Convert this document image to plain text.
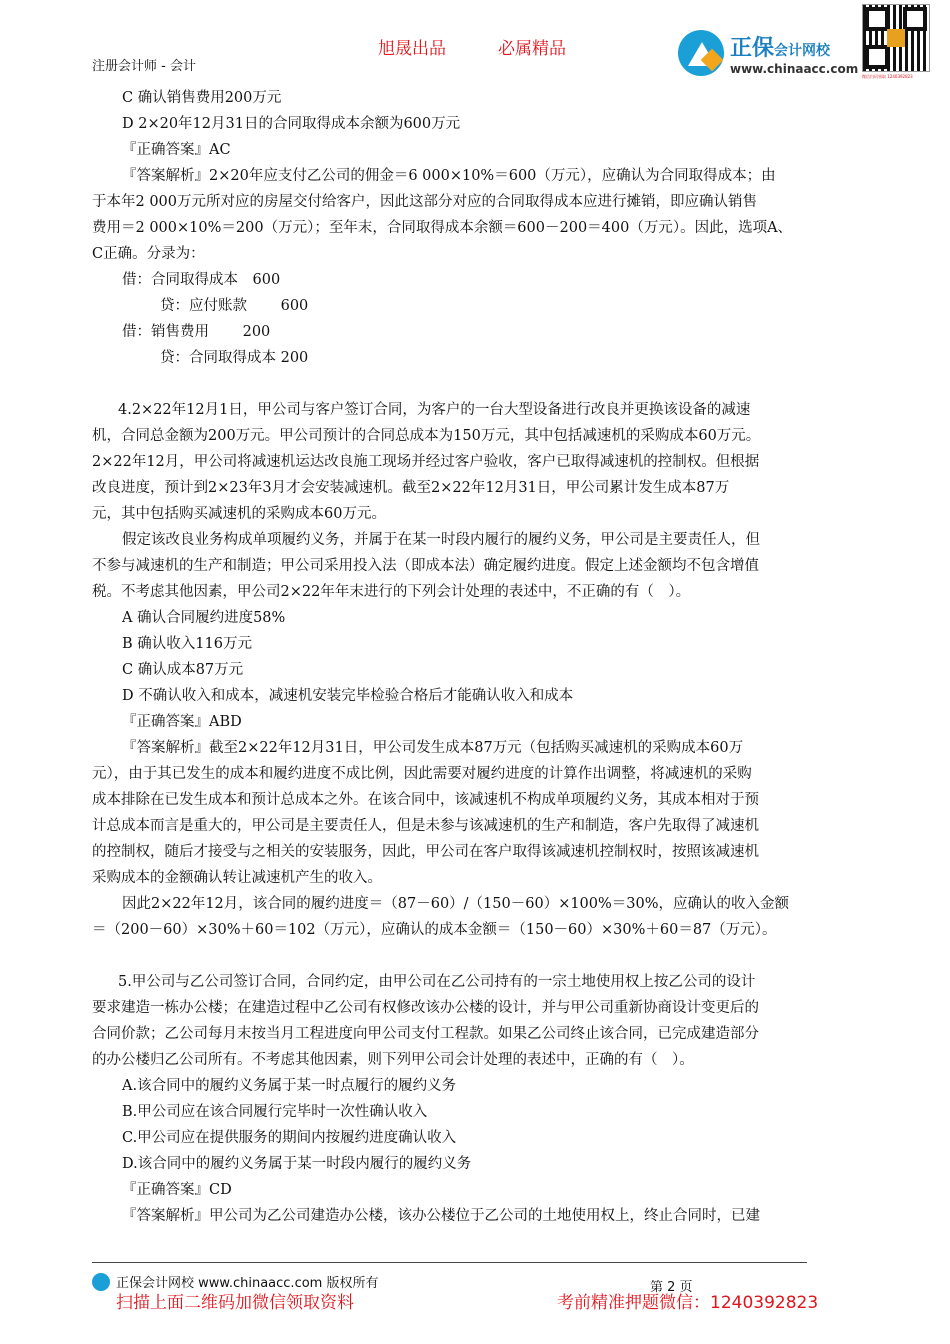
旭晟出品	必属精品	正保会计网校
www.chinaacc.com
微信扫码领取 1240392823
注册会计师 - 会计
C 确认销售费用200万元
D 2×20年12月31日的合同取得成本余额为600万元
『正确答案』AC
『答案解析』2×20年应支付乙公司的佣金＝6 000×10%＝600（万元），应确认为合同取得成本；由
于本年2 000万元所对应的房屋交付给客户，因此这部分对应的合同取得成本应进行摊销，即应确认销售
费用＝2 000×10%＝200（万元）；至年末，合同取得成本余额＝600－200＝400（万元）。因此，选项A、
C正确。分录为：
借：合同取得成本　600
贷：应付账款　　 600
借：销售费用　　 200
贷：合同取得成本 200
4.2×22年12月1日，甲公司与客户签订合同，为客户的一台大型设备进行改良并更换该设备的减速
机，合同总金额为200万元。甲公司预计的合同总成本为150万元，其中包括减速机的采购成本60万元。
2×22年12月，甲公司将减速机运达改良施工现场并经过客户验收，客户已取得减速机的控制权。但根据
改良进度，预计到2×23年3月才会安装减速机。截至2×22年12月31日，甲公司累计发生成本87万
元，其中包括购买减速机的采购成本60万元。
假定该改良业务构成单项履约义务，并属于在某一时段内履行的履约义务，甲公司是主要责任人，但
不参与减速机的生产和制造；甲公司采用投入法（即成本法）确定履约进度。假定上述金额均不包含增值
税。不考虑其他因素，甲公司2×22年年末进行的下列会计处理的表述中，不正确的有（　）。
A 确认合同履约进度58%
B 确认收入116万元
C 确认成本87万元
D 不确认收入和成本，减速机安装完毕检验合格后才能确认收入和成本
『正确答案』ABD
『答案解析』截至2×22年12月31日，甲公司发生成本87万元（包括购买减速机的采购成本60万
元），由于其已发生的成本和履约进度不成比例，因此需要对履约进度的计算作出调整，将减速机的采购
成本排除在已发生成本和预计总成本之外。在该合同中，该减速机不构成单项履约义务，其成本相对于预
计总成本而言是重大的，甲公司是主要责任人，但是未参与该减速机的生产和制造，客户先取得了减速机
的控制权，随后才接受与之相关的安装服务，因此，甲公司在客户取得该减速机控制权时，按照该减速机
采购成本的金额确认转让减速机产生的收入。
因此2×22年12月，该合同的履约进度＝（87－60）/（150－60）×100%＝30%，应确认的收入金额
＝（200－60）×30%＋60＝102（万元），应确认的成本金额＝（150－60）×30%＋60＝87（万元）。
5.甲公司与乙公司签订合同，合同约定，由甲公司在乙公司持有的一宗土地使用权上按乙公司的设计
要求建造一栋办公楼；在建造过程中乙公司有权修改该办公楼的设计，并与甲公司重新协商设计变更后的
合同价款；乙公司每月末按当月工程进度向甲公司支付工程款。如果乙公司终止该合同，已完成建造部分
的办公楼归乙公司所有。不考虑其他因素，则下列甲公司会计处理的表述中，正确的有（　）。
A.该合同中的履约义务属于某一时点履行的履约义务
B.甲公司应在该合同履行完毕时一次性确认收入
C.甲公司应在提供服务的期间内按履约进度确认收入
D.该合同中的履约义务属于某一时段内履行的履约义务
『正确答案』CD
『答案解析』甲公司为乙公司建造办公楼，该办公楼位于乙公司的土地使用权上，终止合同时，已建
正保会计网校 www.chinaacc.com 版权所有	第 2 页
扫描上面二维码加微信领取资料	考前精准押题微信：1240392823
